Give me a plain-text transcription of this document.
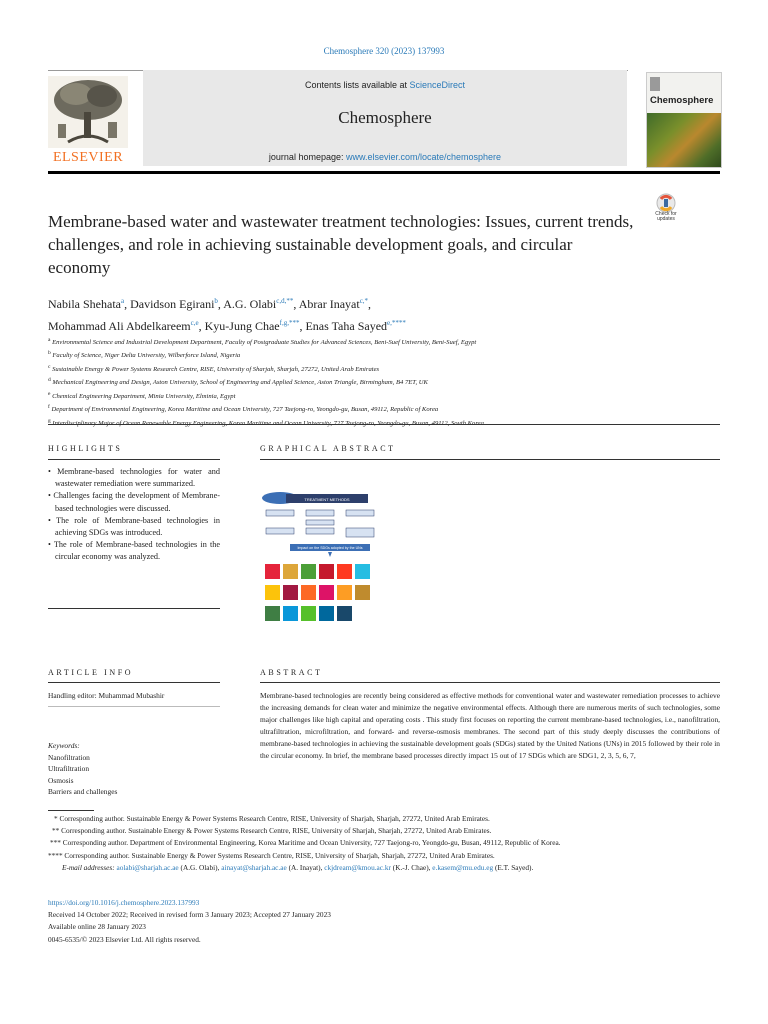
Chemosphere 320 (2023) 137993
ELSEVIER
Contents lists available at ScienceDirect
Chemosphere
journal homepage: www.elsevier.com/locate/chemosphere
Chemosphere
Check for updates
Membrane-based water and wastewater treatment technologies: Issues, current trends, challenges, and role in achieving sustainable development goals, and circular economy
Nabila Shehata$^a$, Davidson Egirani$^b$, A.G. Olabi$^{c,d,**}$, Abrar Inayat$^{c,*}$,
Mohammad Ali Abdelkareem$^{c,e}$, Kyu-Jung Chae$^{f,g,***}$, Enas Taha Sayed$^{e,****}$
$^a$ Environmental Science and Industrial Development Department, Faculty of Postgraduate Studies for Advanced Sciences, Beni-Suef University, Beni-Suef, Egypt
$^b$ Faculty of Science, Niger Delta University, Wilberforce Island, Nigeria
$^c$ Sustainable Energy & Power Systems Research Centre, RISE, University of Sharjah, Sharjah, 27272, United Arab Emirates
$^d$ Mechanical Engineering and Design, Aston University, School of Engineering and Applied Science, Aston Triangle, Birmingham, B4 7ET, UK
$^e$ Chemical Engineering Department, Minia University, Elminia, Egypt
$^f$ Department of Environmental Engineering, Korea Maritime and Ocean University, 727 Taejong-ro, Yeongdo-gu, Busan, 49112, Republic of Korea
$^g$
HIGHLIGHTS
• Membrane-based technologies for water and wastewater remediation were summarized.
• Challenges facing the development of Membrane-based technologies were discussed.
• The role of Membrane-based technologies in achieving SDGs was introduced.
• The role of Membrane-based technologies in the circular economy was analyzed.
GRAPHICAL ABSTRACT
TREATMENT METHODS
Impact on the SDGs adopted by the UNs
ARTICLE INFO
Handling editor: Muhammad Mubashir
Keywords:
Nanofiltration
Ultrafiltration
Osmosis
Barriers and challenges
ABSTRACT
Membrane-based technologies are recently being considered as effective methods for conventional water and wastewater remediation processes to achieve the increasing demands for clean water and minimize the negative environmental effects. Although there are numerous merits of such technologies, some major challenges like high capital and operating costs . This study first focuses on reporting the current membrane-based technologies, i.e., nanofiltration, ultrafiltration, microfiltration, and forward- and reverse-osmosis membranes. The second part of this study deeply discusses the contributions of membrane-based technologies in achieving the sustainable development goals (SDGs) stated by the United Nations (UNs) in 2015 followed by their role in the circular economy. In brief, the membrane based processes directly impact 15 out of 17 SDGs which are SDG1, 2, 3, 5, 6, 7,
* Corresponding author. Sustainable Energy & Power Systems Research Centre, RISE, University of Sharjah, Sharjah, 27272, United Arab Emirates.
** Corresponding author. Sustainable Energy & Power Systems Research Centre, RISE, University of Sharjah, Sharjah, 27272, United Arab Emirates.
*** Corresponding author. Department of Environmental Engineering, Korea Maritime and Ocean University, 727 Taejong-ro, Yeongdo-gu, Busan, 49112, Republic of Korea.
**** Corresponding author. Sustainable Energy & Power Systems Research Centre, RISE, University of Sharjah, Sharjah, 27272, United Arab Emirates.
E-mail addresses: aolabi@sharjah.ac.ae (A.G. Olabi), ainayat@sharjah.ac.ae (A. Inayat), ckjdream@kmou.ac.kr (K.-J. Chae), e.kasem@mu.edu.eg (E.T. Sayed).
https://doi.org/10.1016/j.chemosphere.2023.137993
Received 14 October 2022; Received in revised form 3 January 2023; Accepted 27 January 2023
Available online 28 January 2023
0045-6535/© 2023 Elsevier Ltd. All rights reserved.
